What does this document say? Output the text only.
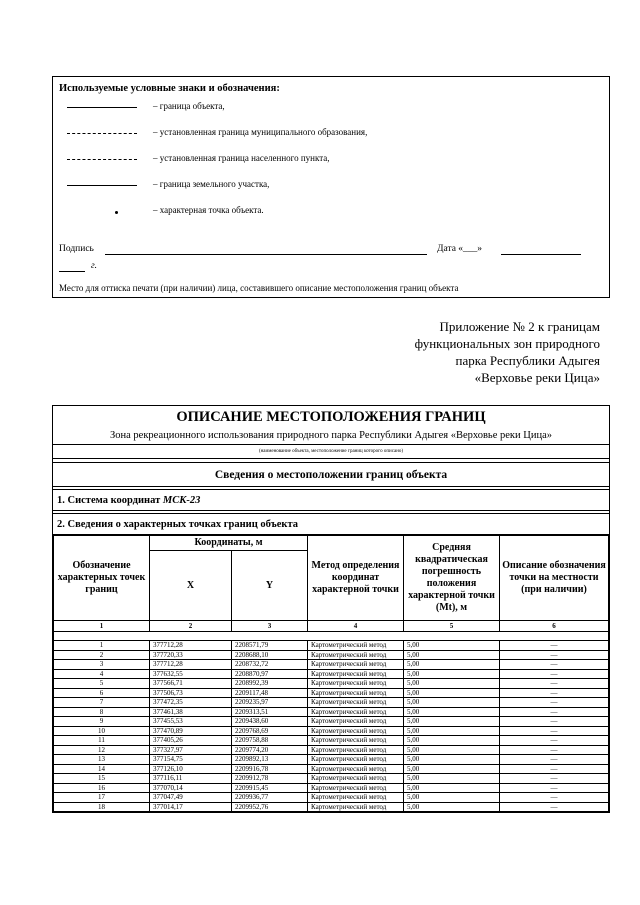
Используемые условные знаки и обозначения:
– граница объекта,
– установленная граница муниципального образования,
– установленная граница населенного пункта,
– граница земельного участка,
– характерная точка объекта.
Подпись	Дата «___»
г.
Место для оттиска печати (при наличии) лица, составившего описание местоположения границ объекта
Приложение № 2 к границам
функциональных зон природного
парка Республики Адыгея
«Верховье реки Цица»
ОПИСАНИЕ МЕСТОПОЛОЖЕНИЯ ГРАНИЦ
Зона рекреационного использования природного парка Республики Адыгея «Верховье реки Цица»
(наименование объекта, местоположение границ которого описано)
Сведения о местоположении границ объекта
1. Система координат МСК-23
2. Сведения о характерных точках границ объекта
Обозначение характерных точек границ	Координаты, м		Метод определения координат характерной точки	Средняя квадратическая погрешность положения характерной точки (Мt), м	Описание обозначения точки на местности (при наличии)
	X	Y			
1	2	3	4	5	6

1	377712,28	2208571,79	Картометрический метод	5,00	—
2	377720,33	2208688,10	Картометрический метод	5,00	—
3	377712,28	2208732,72	Картометрический метод	5,00	—
4	377632,55	2208870,97	Картометрический метод	5,00	—
5	377566,71	2208992,39	Картометрический метод	5,00	—
6	377506,73	2209117,48	Картометрический метод	5,00	—
7	377472,35	2209235,97	Картометрический метод	5,00	—
8	377461,38	2209313,51	Картометрический метод	5,00	—
9	377455,53	2209438,60	Картометрический метод	5,00	—
10	377470,89	2209768,69	Картометрический метод	5,00	—
11	377405,26	2209758,88	Картометрический метод	5,00	—
12	377327,97	2209774,20	Картометрический метод	5,00	—
13	377154,75	2209892,13	Картометрический метод	5,00	—
14	377126,10	2209916,78	Картометрический метод	5,00	—
15	377116,11	2209912,78	Картометрический метод	5,00	—
16	377070,14	2209915,45	Картометрический метод	5,00	—
17	377047,49	2209936,77	Картометрический метод	5,00	—
18	377014,17	2209952,76	Картометрический метод	5,00	—
